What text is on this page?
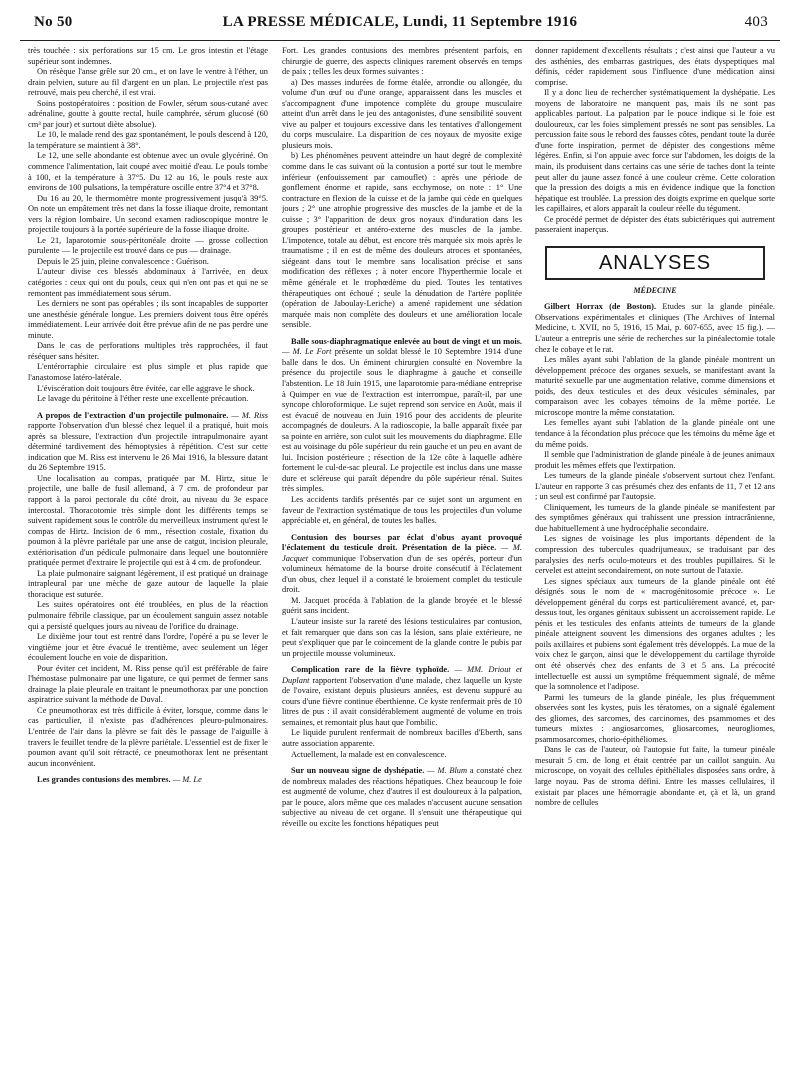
No 50	LA PRESSE MÉDICALE, Lundi, 11 Septembre 1916	403

très touchée : six perforations sur 15 cm. Le gros intestin et l'étage supérieur sont indemnes.

On résèque l'anse grêle sur 20 cm., et on lave le ventre à l'éther, un drain pelvien, suture au fil d'argent en un plan. Le projectile n'est pas retrouvé, mais peu cherché, il est vrai.

Soins postopératoires : position de Fowler, sérum sous-cutané avec adrénaline, goutte à goutte rectal, huile camphrée, sérum glucosé (60 cm³ par jour) et surtout diète absolue).

Le 10, le malade rend des gaz spontanément, le pouls descend à 120, la température se maintient à 38°.

Le 12, une selle abondante est obtenue avec un ovule glycériné. On commence l'alimentation, lait coupé avec moitié d'eau. Le pouls tombe à 100, et la température à 37°5. Du 12 au 16, le pouls reste aux environs de 100 pulsations, la température oscille entre 37°4 et 37°8.

Du 16 au 20, le thermomètre monte progressivement jusqu'à 39°5. On note un empâtement très net dans la fosse iliaque droite, remontant vers la région lombaire. Un second examen radioscopique montre le projectile toujours à la portée supérieure de la fosse iliaque droite.

Le 21, laparotomie sous-péritonéale droite — grosse collection purulente — le projectile est trouvé dans ce pus — drainage.

Depuis le 25 juin, pleine convalescence : Guérison.

L'auteur divise ces blessés abdominaux à l'arrivée, en deux catégories : ceux qui ont du pouls, ceux qui n'en ont pas et qui ne se remontent pas immédiatement sous sérum.

Les derniers ne sont pas opérables ; ils sont incapables de supporter une anesthésie générale longue. Les premiers doivent tous être opérés immédiatement. Leur arrivée doit être prévue afin de ne pas perdre une minute.

Dans le cas de perforations multiples très rapprochées, il faut réséquer sans hésiter.

L'entérorraphie circulaire est plus simple et plus rapide que l'anastomose latéro-latérale.

L'éviscération doit toujours être évitée, car elle aggrave le shock.

Le lavage du péritoine à l'éther reste une excellente précaution.

A propos de l'extraction d'un projectile pulmonaire. — M. Riss rapporte l'observation d'un blessé chez lequel il a pratiqué, huit mois après sa blessure, l'extraction d'un projectile intrapulmonaire ayant déterminé tardivement des hémoptysies à répétition. C'est sur cette indication que M. Riss est intervenu le 26 Mai 1916, la blessure datant du 26 Septembre 1915.

Une localisation au compas, pratiquée par M. Hirtz, situe le projectile, une balle de fusil allemand, à 7 cm. de profondeur par rapport à la paroi pectorale du côté droit, au niveau du 3e espace intercostal. Thoracotomie très simple dont les différents temps se suivent rapidement sous le contrôle du merveilleux instrument qu'est le compas de Hirtz. Incision de 6 mm., résection costale, fixation du poumon à la plèvre pariétale par une anse de catgut, incision pleurale, extériorisation d'un pédicule pulmonaire dans lequel une boutonnière pratiquée permet d'extraire le projectile qui est à 4 cm. de profondeur.

La plaie pulmonaire saignant légèrement, il est pratiqué un drainage intrapleural par une mèche de gaze autour de laquelle la plaie thoracique est suturée.

Les suites opératoires ont été troublées, en plus de la réaction pulmonaire fébrile classique, par un écoulement sanguin assez notable qui a persisté quelques jours au niveau de l'orifice du drainage.

Le dixième jour tout est rentré dans l'ordre, l'opéré a pu se lever le vingtième jour et être évacué le trentième, avec seulement un léger écoulement louche en voie de disparition.

Pour éviter cet incident, M. Riss pense qu'il est préférable de faire l'hémostase pulmonaire par une ligature, ce qui permet de fermer sans drainage la plaie pleurale en traitant le pneumothorax par une ponction aspiratrice suivant la méthode de Duval.

Ce pneumothorax est très difficile à éviter, lorsque, comme dans le cas particulier, il n'existe pas d'adhérences pleuro-pulmonaires. L'entrée de l'air dans la plèvre se fait dès le passage de l'aiguille à travers le feuillet tendre de la plèvre pariétale. L'essentiel est de fixer le poumon avant qu'il soit rétracté, ce pneumothorax lent ne présentant aucun inconvénient.

Les grandes contusions des membres. — M. Le

Fort. Les grandes contusions des membres présentent parfois, en chirurgie de guerre, des aspects cliniques rarement observés en temps de paix ; telles les deux formes suivantes :

a) Des masses indurées de forme étalée, arrondie ou allongée, du volume d'un œuf ou d'une orange, apparaissent dans les muscles et s'accompagnent d'une impotence complète du groupe musculaire atteint d'un arrêt dans le jeu des antagonistes, d'une sensibilité souvent vive au palper et toujours excessive dans les tentatives d'allongement du corps musculaire. La disparition de ces noyaux de myosite exige plusieurs mois.

b) Les phénomènes peuvent atteindre un haut degré de complexité comme dans le cas suivant où la contusion a porté sur tout le membre inférieur (enfouissement par camouflet) : après une période de gonflement énorme et rapide, sans ecchymose, on note : 1° Une contracture en flexion de la cuisse et de la jambe qui cède en quelques jours ; 2° une atrophie progressive des muscles de la jambe et de la cuisse ; 3° l'apparition de deux gros noyaux d'induration dans les groupes postérieur et antéro-externe des muscles de la jambe. L'impotence, totale au début, est encore très marquée six mois après le traumatisme ; il en est de même des douleurs atroces et spontanées, siégeant dans tout le membre sans localisation précise et sans modification des réflexes ; à noter encore l'hyperthermie locale et même générale et le trophœdème du pied. Toutes les tentatives thérapeutiques ont échoué ; seule la dénudation de l'artère poplitée (opération de Jaboulay-Leriche) a amené rapidement une sédation marquée mais non complète des douleurs et une amélioration locale sensible.

Balle sous-diaphragmatique enlevée au bout de vingt et un mois. — M. Le Fort présente un soldat blessé le 10 Septembre 1914 d'une balle dans le dos. Un éminent chirurgien consulté en Novembre la présence du projectile sous le diaphragme à gauche et conseille l'abstention. Le 18 Juin 1915, une laparotomie para-médiane entreprise à Quimper en vue de l'extraction est interrompue, paraît-il, par une syncope chloroformique. Le sujet reprend son service en Août, mais il est évacué de nouveau en Juin 1916 pour des accidents de pleurite accompagnés de douleurs. A la radioscopie, la balle apparaît fixée par sa pointe en arrière, son culot suit les mouvements du diaphragme. Elle est au voisinage du pôle supérieur du rein gauche et un peu en avant de lui. Incision postérieure ; résection de la 12e côte à laquelle adhère fortement le cul-de-sac pleural. Le projectile est inclus dans une masse dure et scléreuse qui paraît dépendre du pôle supérieur rénal. Suites très simples.

Les accidents tardifs présentés par ce sujet sont un argument en faveur de l'extraction systématique de tous les projectiles d'un volume appréciable et, en général, de toutes les balles.

Contusion des bourses par éclat d'obus ayant provoqué l'éclatement du testicule droit. Présentation de la pièce. — M. Jacquet communique l'observation d'un de ses opérés, porteur d'un volumineux hématome de la bourse droite consécutif à l'éclatement d'un obus, chez lequel il a constaté le broiement complet du testicule droit.

M. Jacquet procéda à l'ablation de la glande broyée et le blessé guérit sans incident.

L'auteur insiste sur la rareté des lésions testiculaires par contusion, et fait remarquer que dans son cas la lésion, sans plaie extérieure, ne peut s'expliquer que par le coincement de la glande contre le pubis par un projectile mousse volumineux.

Complication rare de la fièvre typhoïde. — MM. Driout et Duplant rapportent l'observation d'une malade, chez laquelle un kyste de l'ovaire, existant depuis plusieurs années, est devenu suppuré au cours d'une fièvre continue éberthienne. Ce kyste renfermait près de 10 litres de pus : il avait considérablement augmenté de volume en trois semaines, et remontait plus haut que l'ombilic.

Le liquide purulent renfermait de nombreux bacilles d'Eberth, sans autre association apparente.

Actuellement, la malade est en convalescence.

Sur un nouveau signe de dyshépatie. — M. Blum a constaté chez de nombreux malades des réactions hépatiques. Chez beaucoup le foie est augmenté de volume, chez d'autres il est douloureux à la palpation, par le pouce, alors même que ces malades n'accusent aucune sensation subjective au niveau de cet organe. Il s'ensuit une thérapeutique qui réveille ou excite les fonctions hépatiques peut

donner rapidement d'excellents résultats ; c'est ainsi que l'auteur a vu des asthénies, des embarras gastriques, des états dyspeptiques mal définis, céder rapidement sous l'influence d'une médication ainsi comprise.

Il y a donc lieu de rechercher systématiquement la dyshépatie. Les moyens de laboratoire ne manquent pas, mais ils ne sont pas applicables partout. La palpation par le pouce indique si le foie est douloureux, car les foies simplement pressés ne sont pas sensibles. La percussion faite sous le rebord des fausses côtes, pendant toute la durée d'une forte inspiration, permet de dépister des congestions même légères. Enfin, si l'on appuie avec force sur l'abdomen, les doigts de la main, ils produisent dans certains cas une série de taches dont la teinte peut aller du jaune assez foncé à une couleur crème. Cette coloration que la pression des doigts a mis en évidence indique que la fonction hépatique est troublée. La pression des doigts exprime en quelque sorte les capillaires, et alors apparaît la couleur réelle du tégument.

Ce procédé permet de dépister des états subictériques qui autrement passeraient inaperçus.

ANALYSES
MÉDECINE

Gilbert Horrax (de Boston). Etudes sur la glande pinéale. Observations expérimentales et cliniques (The Archives of Internal Medicine, t. XVII, no 5, 1916, 15 Mai, p. 607-655, avec 15 fig.). — L'auteur a entrepris une série de recherches sur la pinéalectomie totale chez le cobaye et le rat.

Les mâles ayant subi l'ablation de la glande pinéale montrent un développement précoce des organes sexuels, se manifestant avant la maturité sexuelle par une augmentation relative, comme dimensions et poids, des deux testicules et des deux vésicules séminales, par comparaison avec les cobayes témoins de la même portée. Le microscope montre la même constatation.

Les femelles ayant subi l'ablation de la glande pinéale ont une tendance à la fécondation plus précoce que les témoins du même âge et du même poids.

Il semble que l'administration de glande pinéale à de jeunes animaux produit les mêmes effets que l'extirpation.

Les tumeurs de la glande pinéale s'observent surtout chez l'enfant. L'auteur en rapporte 3 cas présumés chez des enfants de 11, 7 et 12 ans ; un seul est confirmé par l'autopsie.

Cliniquement, les tumeurs de la glande pinéale se manifestent par des symptômes généraux qui trahissent une pression intracrânienne, due habituellement à une hydrocéphalie secondaire.

Les signes de voisinage les plus importants dépendent de la compression des tubercules quadrijumeaux, se traduisant par des paralysies des nerfs oculo-moteurs et des troubles pupillaires. Si le cervelet est atteint secondairement, on note surtout de l'ataxie.

Les signes spéciaux aux tumeurs de la glande pinéale ont été désignés sous le nom de « macrogénitosomie précoce ». Le développement général du corps est particulièrement avancé, et, par-dessus tout, les organes génitaux subissent un accroissement rapide. Le pénis et les testicules des enfants atteints de tumeurs de la glande pinéale atteignent souvent les dimensions des organes adultes ; les poils axillaires et pubiens sont également très développés. La mue de la voix chez le garçon, ainsi que le développement du cartilage thyroïde ont été observés chez des enfants de 3 et 5 ans. La précocité intellectuelle est aussi un symptôme fréquemment signalé, de même que la somnolence et l'adipose.

Parmi les tumeurs de la glande pinéale, les plus fréquemment observées sont les kystes, puis les tératomes, on a signalé également des gliomes, des sarcomes, des carcinomes, des psammomes et des tumeurs mixtes : angiosarcomes, gliosarcomes, neurogliomes, psammosarcomes, chorio-épithéliomes.

Dans le cas de l'auteur, où l'autopsie fut faite, la tumeur pinéale mesurait 5 cm. de long et était centrée par un caillot sanguin. Au microscope, on voyait des cellules épithéliales disposées sans ordre, à large noyau. Pas de stroma défini. Entre les masses cellulaires, il existait par places une hémorragie abondante et, çà et là, un grand nombre de cellules
